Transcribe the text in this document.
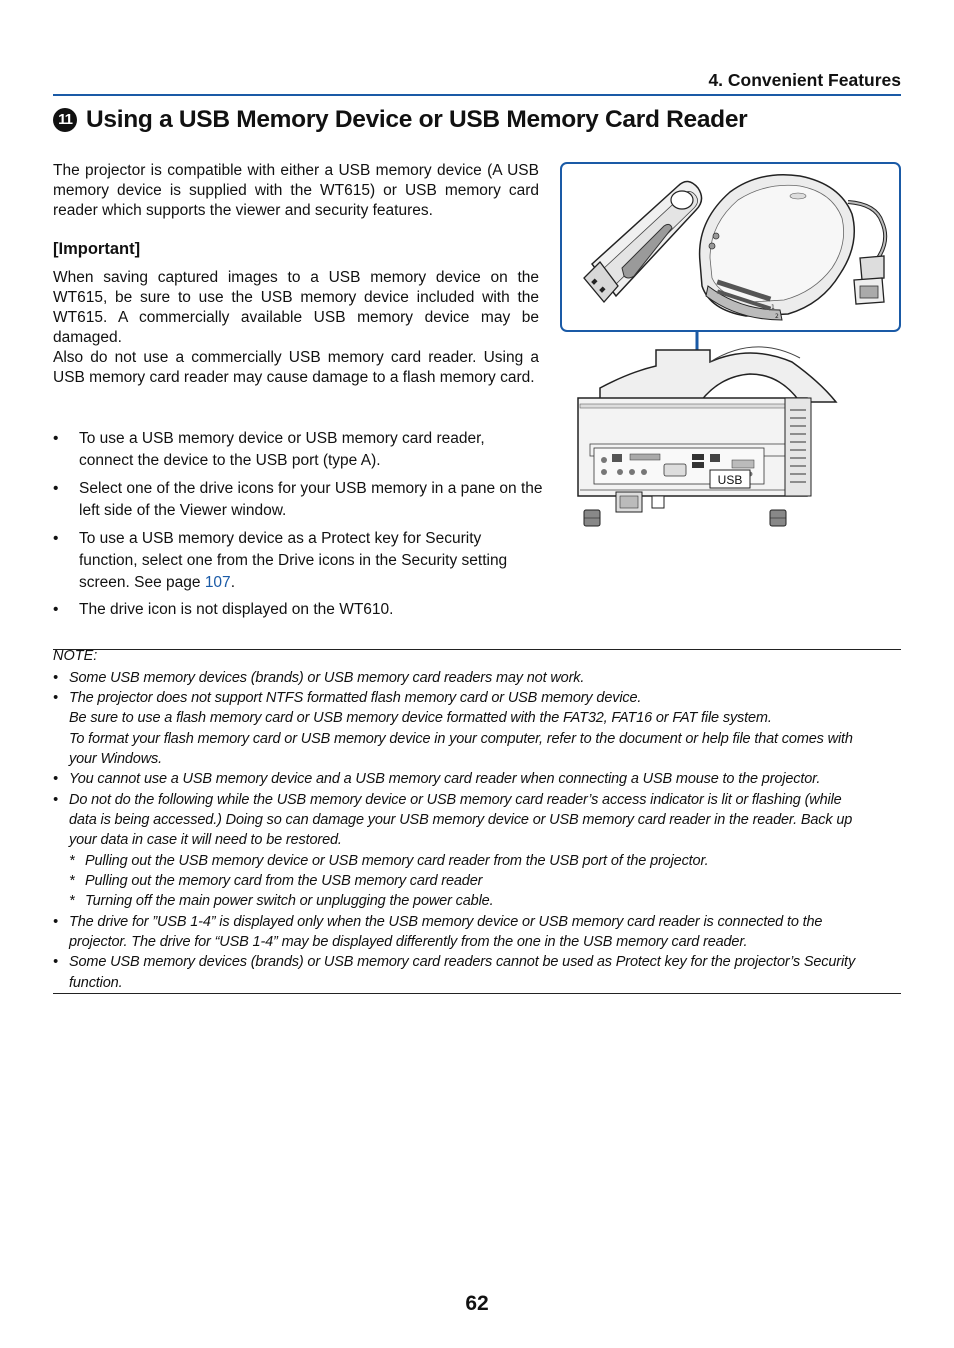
4. Convenient Features
11 Using a USB Memory Device or USB Memory Card Reader
The projector is compatible with either a USB memory device (A USB memory device is supplied with the WT615) or USB memory card reader which supports the viewer and security features.
[Important]
When saving captured images to a USB memory device on the WT615, be sure to use the USB memory device included with the WT615. A commercially available USB memory device may be damaged.
Also do not use a commercially USB memory card reader. Using a USB memory card reader may cause damage to a flash memory card.
• To use a USB memory device or USB memory card reader, connect the device to the USB port (type A).
• Select one of the drive icons for your USB memory in a pane on the left side of the Viewer window.
• To use a USB memory device as a Protect key for Security function, select one from the Drive icons in the Security setting screen. See page 107.
• The drive icon is not displayed on the WT610.
1
2
USB
NOTE:
• Some USB memory devices (brands) or USB memory card readers may not work.
• The projector does not support NTFS formatted flash memory card or USB memory device.
Be sure to use a flash memory card or USB memory device formatted with the FAT32, FAT16 or FAT file system.
To format your flash memory card or USB memory device in your computer, refer to the document or help file that comes with
your Windows.
• You cannot use a USB memory device and a USB memory card reader when connecting a USB mouse to the projector.
• Do not do the following while the USB memory device or USB memory card reader’s access indicator is lit or flashing (while
data is being accessed.) Doing so can damage your USB memory device or USB memory card reader in the reader. Back up
your data in case it will need to be restored.
* Pulling out the USB memory device or USB memory card reader from the USB port of the projector.
* Pulling out the memory card from the USB memory card reader
* Turning off the main power switch or unplugging the power cable.
• The drive for ”USB 1-4” is displayed only when the USB memory device or USB memory card reader is connected to the
projector. The drive for “USB 1-4” may be displayed differently from the one in the USB memory card reader.
• Some USB memory devices (brands) or USB memory card readers cannot be used as Protect key for the projector’s Security
function.
62
